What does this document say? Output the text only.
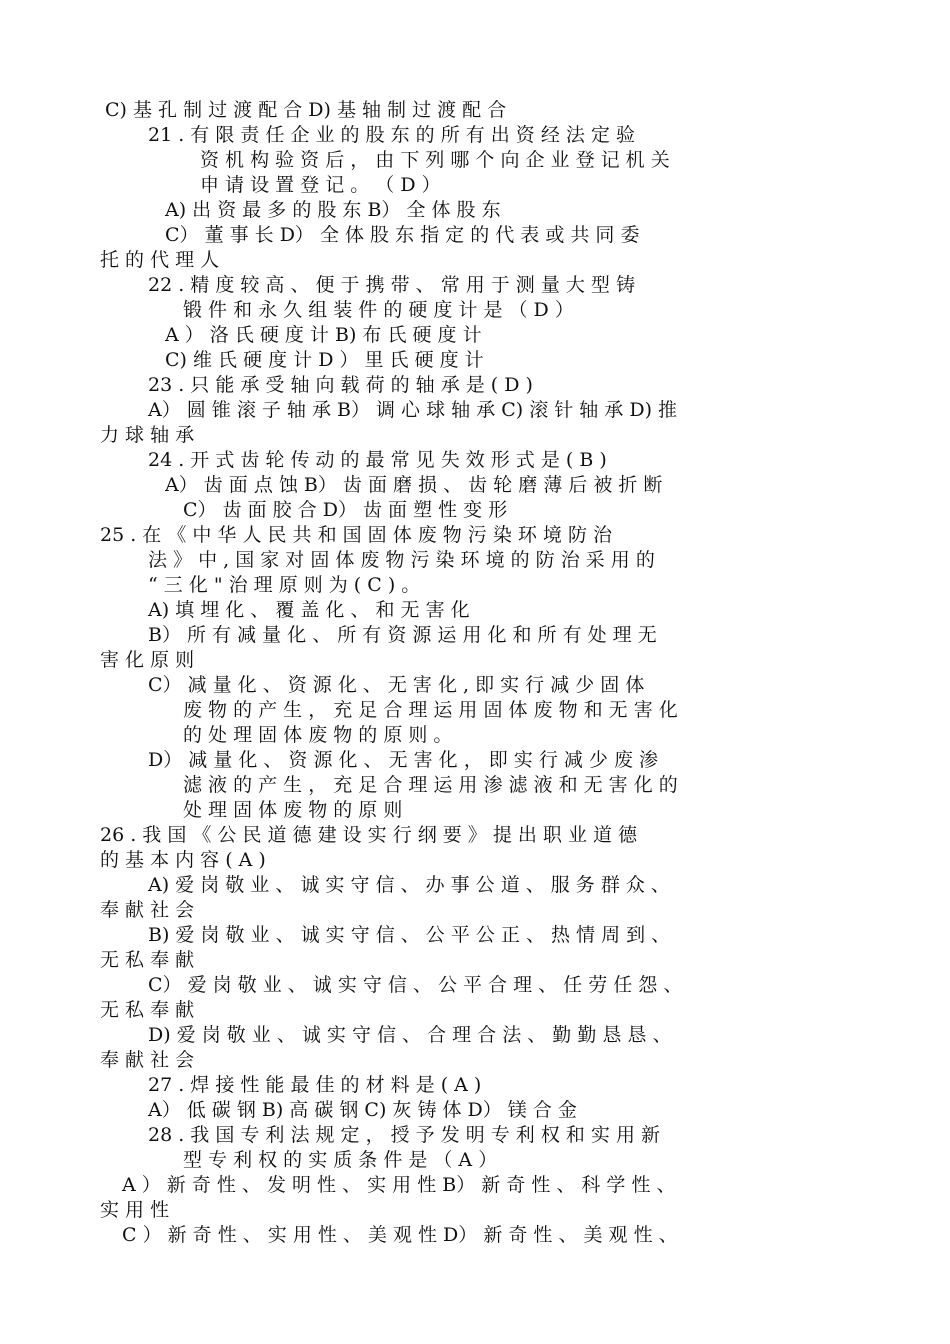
C) 基 孔 制 过 渡 配 合 D) 基 轴 制 过 渡 配 合
21 . 有 限 责 任 企 业 的 股 东 的 所 有 出 资 经 法 定 验
资 机 构 验 资 后 ， 由 下 列 哪 个 向 企 业 登 记 机 关
申 请 设 置 登 记 。 （ D ）
A) 出 资 最 多 的 股 东 B） 全 体 股 东
C） 董 事 长 D） 全 体 股 东 指 定 的 代 表 或 共 同 委
托 的 代 理 人
22 . 精 度 较 高 、 便 于 携 带 、 常 用 于 测 量 大 型 铸
锻 件 和 永 久 组 装 件 的 硬 度 计 是 （ D ）
A ） 洛 氏 硬 度 计 B) 布 氏 硬 度 计
C) 维 氏 硬 度 计 D ） 里 氏 硬 度 计
23 . 只 能 承 受 轴 向 载 荷 的 轴 承 是 ( D )
A） 圆 锥 滚 子 轴 承 B） 调 心 球 轴 承 C) 滚 针 轴 承 D) 推
力 球 轴 承
24 . 开 式 齿 轮 传 动 的 最 常 见 失 效 形 式 是 ( B )
A） 齿 面 点 蚀 B） 齿 面 磨 损 、 齿 轮 磨 薄 后 被 折 断
C） 齿 面 胶 合 D） 齿 面 塑 性 变 形
25 . 在 《 中 华 人 民 共 和 国 固 体 废 物 污 染 环 境 防 治
法 》 中 , 国 家 对 固 体 废 物 污 染 环 境 的 防 治 采 用 的
“ 三 化 " 治 理 原 则 为 ( C ) 。
A) 填 埋 化 、 覆 盖 化 、 和 无 害 化
B） 所 有 减 量 化 、 所 有 资 源 运 用 化 和 所 有 处 理 无
害 化 原 则
C） 减 量 化 、 资 源 化 、 无 害 化 , 即 实 行 减 少 固 体
废 物 的 产 生 ， 充 足 合 理 运 用 固 体 废 物 和 无 害 化
的 处 理 固 体 废 物 的 原 则 。
D） 减 量 化 、 资 源 化 、 无 害 化 ， 即 实 行 减 少 废 渗
滤 液 的 产 生 ， 充 足 合 理 运 用 渗 滤 液 和 无 害 化 的
处 理 固 体 废 物 的 原 则
26 . 我 国 《 公 民 道 德 建 设 实 行 纲 要 》 提 出 职 业 道 德
的 基 本 内 容 ( A )
A) 爱 岗 敬 业 、 诚 实 守 信 、 办 事 公 道 、 服 务 群 众 、
奉 献 社 会
B) 爱 岗 敬 业 、 诚 实 守 信 、 公 平 公 正 、 热 情 周 到 、
无 私 奉 献
C） 爱 岗 敬 业 、 诚 实 守 信 、 公 平 合 理 、 任 劳 任 怨 、
无 私 奉 献
D) 爱 岗 敬 业 、 诚 实 守 信 、 合 理 合 法 、 勤 勤 恳 恳 、
奉 献 社 会
27 . 焊 接 性 能 最 佳 的 材 料 是 ( A )
A） 低 碳 钢 B) 高 碳 钢 C) 灰 铸 体 D） 镁 合 金
28 . 我 国 专 利 法 规 定 ， 授 予 发 明 专 利 权 和 实 用 新
型 专 利 权 的 实 质 条 件 是 （ A ）
A ） 新 奇 性 、 发 明 性 、 实 用 性 B） 新 奇 性 、 科 学 性 、
实 用 性
C ） 新 奇 性 、 实 用 性 、 美 观 性 D） 新 奇 性 、 美 观 性 、
